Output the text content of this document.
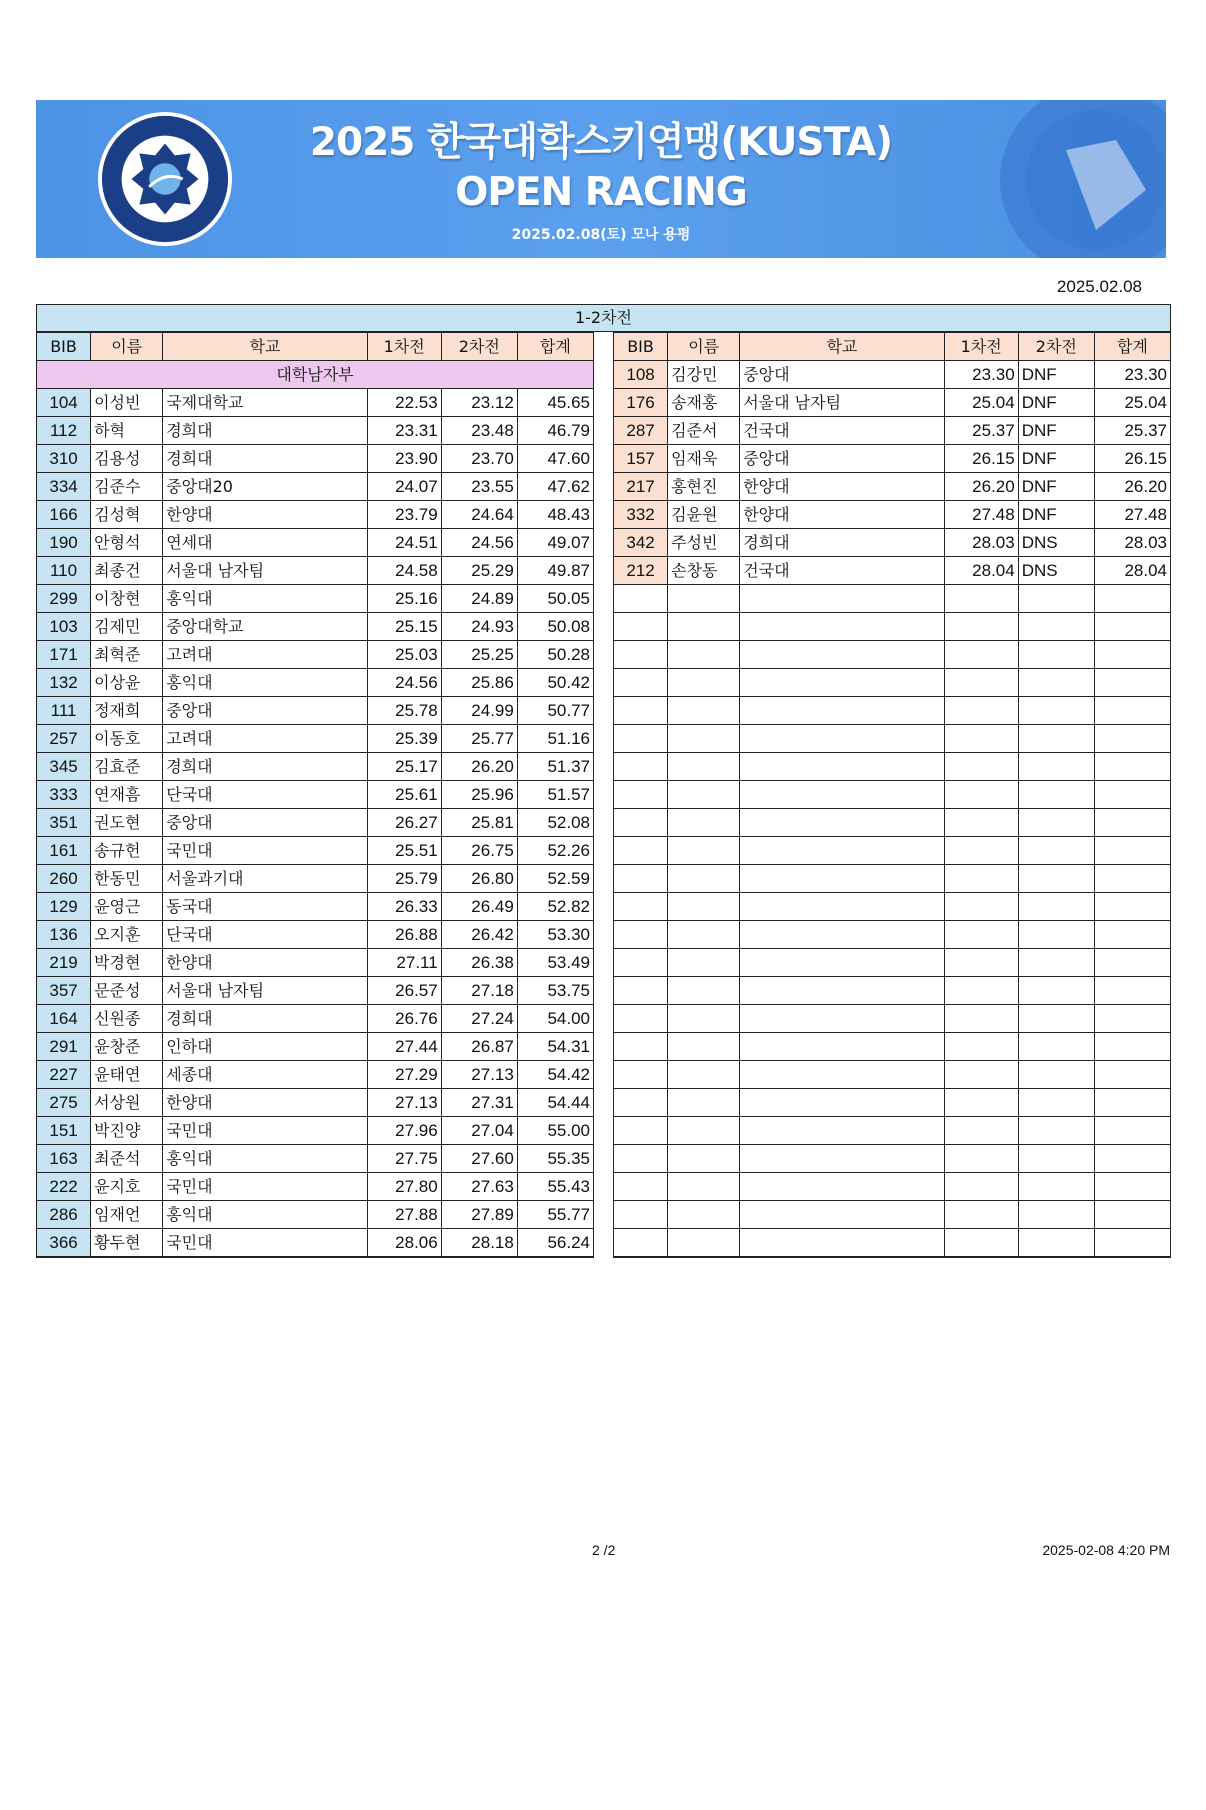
2025 한국대학스키연맹(KUSTA)
OPEN RACING
2025.02.08(토) 모나 용평
2025.02.08
1-2차전
BIB	이름	학교	1차전	2차전	합계
대학남자부					
104	이성빈	국제대학교	22.53	23.12	45.65
112	하혁	경희대	23.31	23.48	46.79
310	김용성	경희대	23.90	23.70	47.60
334	김준수	중앙대20	24.07	23.55	47.62
166	김성혁	한양대	23.79	24.64	48.43
190	안형석	연세대	24.51	24.56	49.07
110	최종건	서울대 남자팀	24.58	25.29	49.87
299	이창현	홍익대	25.16	24.89	50.05
103	김제민	중앙대학교	25.15	24.93	50.08
171	최혁준	고려대	25.03	25.25	50.28
132	이상윤	홍익대	24.56	25.86	50.42
111	정재희	중앙대	25.78	24.99	50.77
257	이동호	고려대	25.39	25.77	51.16
345	김효준	경희대	25.17	26.20	51.37
333	연재흠	단국대	25.61	25.96	51.57
351	권도현	중앙대	26.27	25.81	52.08
161	송규헌	국민대	25.51	26.75	52.26
260	한동민	서울과기대	25.79	26.80	52.59
129	윤영근	동국대	26.33	26.49	52.82
136	오지훈	단국대	26.88	26.42	53.30
219	박경현	한양대	27.11	26.38	53.49
357	문준성	서울대 남자팀	26.57	27.18	53.75
164	신원종	경희대	26.76	27.24	54.00
291	윤창준	인하대	27.44	26.87	54.31
227	윤태연	세종대	27.29	27.13	54.42
275	서상원	한양대	27.13	27.31	54.44
151	박진양	국민대	27.96	27.04	55.00
163	최준석	홍익대	27.75	27.60	55.35
222	윤지호	국민대	27.80	27.63	55.43
286	임재언	홍익대	27.88	27.89	55.77
366	황두현	국민대	28.06	28.18	56.24
BIB	이름	학교	1차전	2차전	합계
108	김강민	중앙대	23.30	DNF	23.30
176	송재홍	서울대 남자팀	25.04	DNF	25.04
287	김준서	건국대	25.37	DNF	25.37
157	임재욱	중앙대	26.15	DNF	26.15
217	홍현진	한양대	26.20	DNF	26.20
332	김윤원	한양대	27.48	DNF	27.48
342	주성빈	경희대	28.03	DNS	28.03
212	손창동	건국대	28.04	DNS	28.04

2 /2	2025-02-08 4:20 PM
